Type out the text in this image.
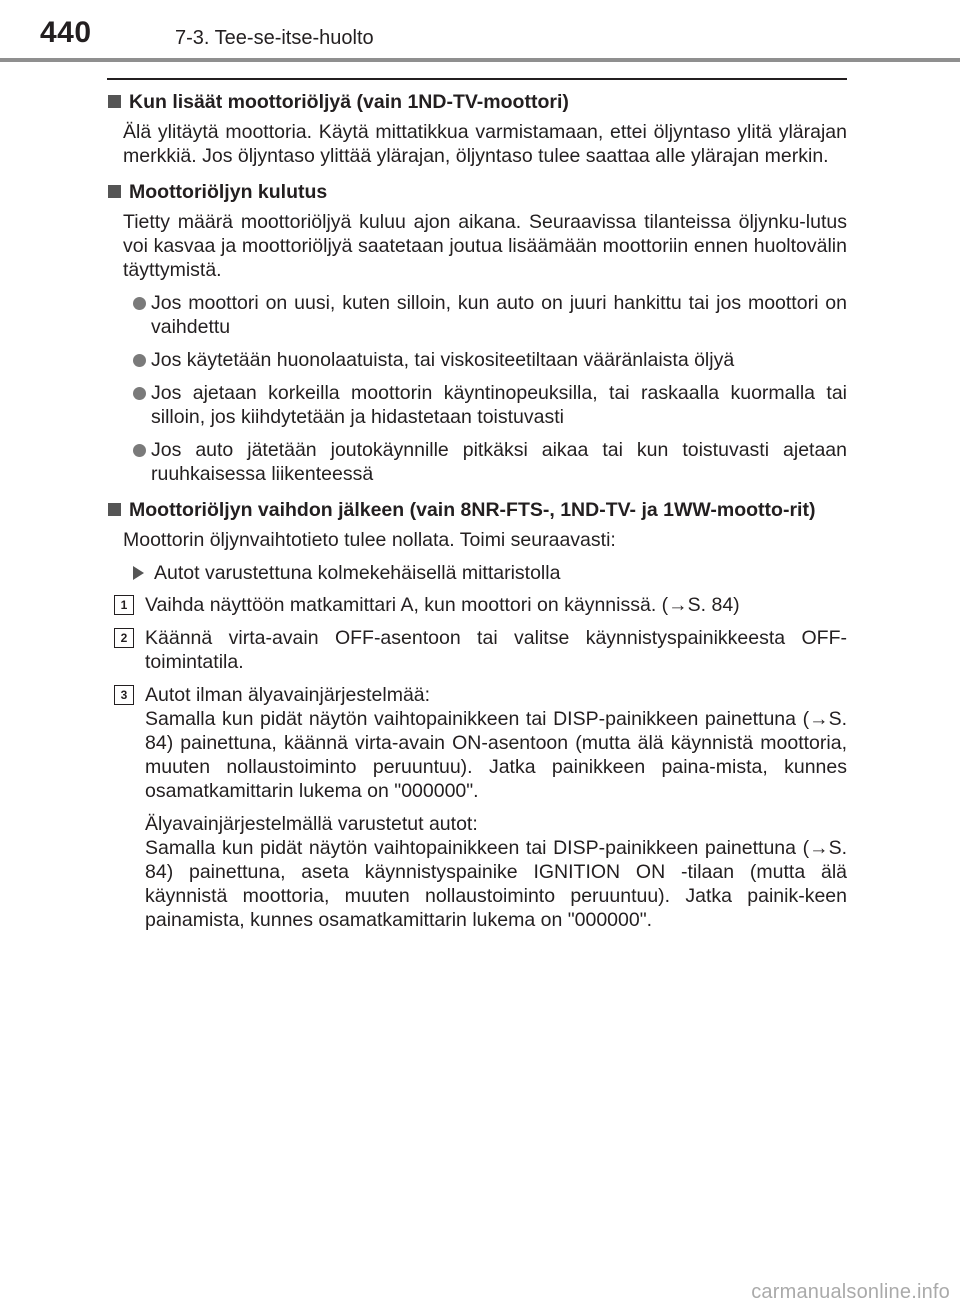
440	7-3. Tee-se-itse-huolto
Kun lisäät moottoriöljyä (vain 1ND-TV-moottori)
Älä ylitäytä moottoria. Käytä mittatikkua varmistamaan, ettei öljyntaso ylitä ylärajan merkkiä. Jos öljyntaso ylittää ylärajan, öljyntaso tulee saattaa alle ylärajan merkin.
Moottoriöljyn kulutus
Tietty määrä moottoriöljyä kuluu ajon aikana. Seuraavissa tilanteissa öljynku-lutus voi kasvaa ja moottoriöljyä saatetaan joutua lisäämään moottoriin ennen huoltovälin täyttymistä.
Jos moottori on uusi, kuten silloin, kun auto on juuri hankittu tai jos moottori on vaihdettu
Jos käytetään huonolaatuista, tai viskositeetiltaan vääränlaista öljyä
Jos ajetaan korkeilla moottorin käyntinopeuksilla, tai raskaalla kuormalla tai silloin, jos kiihdytetään ja hidastetaan toistuvasti
Jos auto jätetään joutokäynnille pitkäksi aikaa tai kun toistuvasti ajetaan ruuhkaisessa liikenteessä
Moottoriöljyn vaihdon jälkeen (vain 8NR-FTS-, 1ND-TV- ja 1WW-mootto-rit)
Moottorin öljynvaihtotieto tulee nollata. Toimi seuraavasti:
Autot varustettuna kolmekehäisellä mittaristolla
1 Vaihda näyttöön matkamittari A, kun moottori on käynnissä. (→S. 84)
2 Käännä virta-avain OFF-asentoon tai valitse käynnistyspainikkeesta OFF-toimintatila.
3 Autot ilman älyavainjärjestelmää:
Samalla kun pidät näytön vaihtopainikkeen tai DISP-painikkeen painettuna (→S. 84) painettuna, käännä virta-avain ON-asentoon (mutta älä käynnistä moottoria, muuten nollaustoiminto peruuntuu). Jatka painikkeen paina-mista, kunnes osamatkamittarin lukema on "000000".
Älyavainjärjestelmällä varustetut autot:
Samalla kun pidät näytön vaihtopainikkeen tai DISP-painikkeen painettuna (→S. 84) painettuna, aseta käynnistyspainike IGNITION ON -tilaan (mutta älä käynnistä moottoria, muuten nollaustoiminto peruuntuu). Jatka painik-keen painamista, kunnes osamatkamittarin lukema on "000000".
carmanualsonline.info
